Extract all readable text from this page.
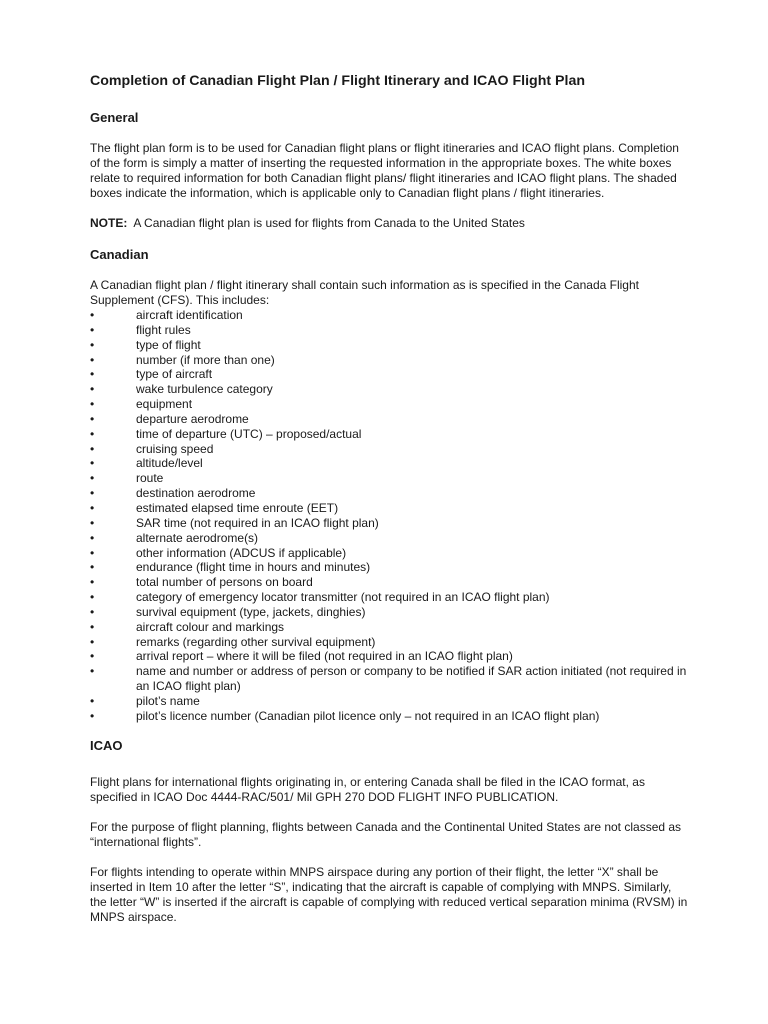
Completion of Canadian Flight Plan / Flight Itinerary and ICAO Flight Plan
General

The flight plan form is to be used for Canadian flight plans or flight itineraries and ICAO flight plans. Completion of the form is simply a matter of inserting the requested information in the appropriate boxes. The white boxes relate to required information for both Canadian flight plans/ flight itineraries and ICAO flight plans. The shaded boxes indicate the information, which is applicable only to Canadian flight plans / flight itineraries.

NOTE: A Canadian flight plan is used for flights from Canada to the United States

Canadian

A Canadian flight plan / flight itinerary shall contain such information as is specified in the Canada Flight Supplement (CFS). This includes:

•	aircraft identification
•	flight rules
•	type of flight
•	number (if more than one)
•	type of aircraft
•	wake turbulence category
•	equipment
•	departure aerodrome
•	time of departure (UTC) – proposed/actual
•	cruising speed
•	altitude/level
•	route
•	destination aerodrome
•	estimated elapsed time enroute (EET)
•	SAR time (not required in an ICAO flight plan)
•	alternate aerodrome(s)
•	other information (ADCUS if applicable)
•	endurance (flight time in hours and minutes)
•	total number of persons on board
•	category of emergency locator transmitter (not required in an ICAO flight plan)
•	survival equipment (type, jackets, dinghies)
•	aircraft colour and markings
•	remarks (regarding other survival equipment)
•	arrival report – where it will be filed (not required in an ICAO flight plan)
•	name and number or address of person or company to be notified if SAR action initiated (not required in an ICAO flight plan)
•	pilot’s name
•	pilot’s licence number (Canadian pilot licence only – not required in an ICAO flight plan)
ICAO

Flight plans for international flights originating in, or entering Canada shall be filed in the ICAO format, as specified in ICAO Doc 4444-RAC/501/ Mil GPH 270 DOD FLIGHT INFO PUBLICATION.

For the purpose of flight planning, flights between Canada and the Continental United States are not classed as “international flights”.

For flights intending to operate within MNPS airspace during any portion of their flight, the letter “X” shall be inserted in Item 10 after the letter “S”, indicating that the aircraft is capable of complying with MNPS. Similarly, the letter “W” is inserted if the aircraft is capable of complying with reduced vertical separation minima (RVSM) in MNPS airspace.
